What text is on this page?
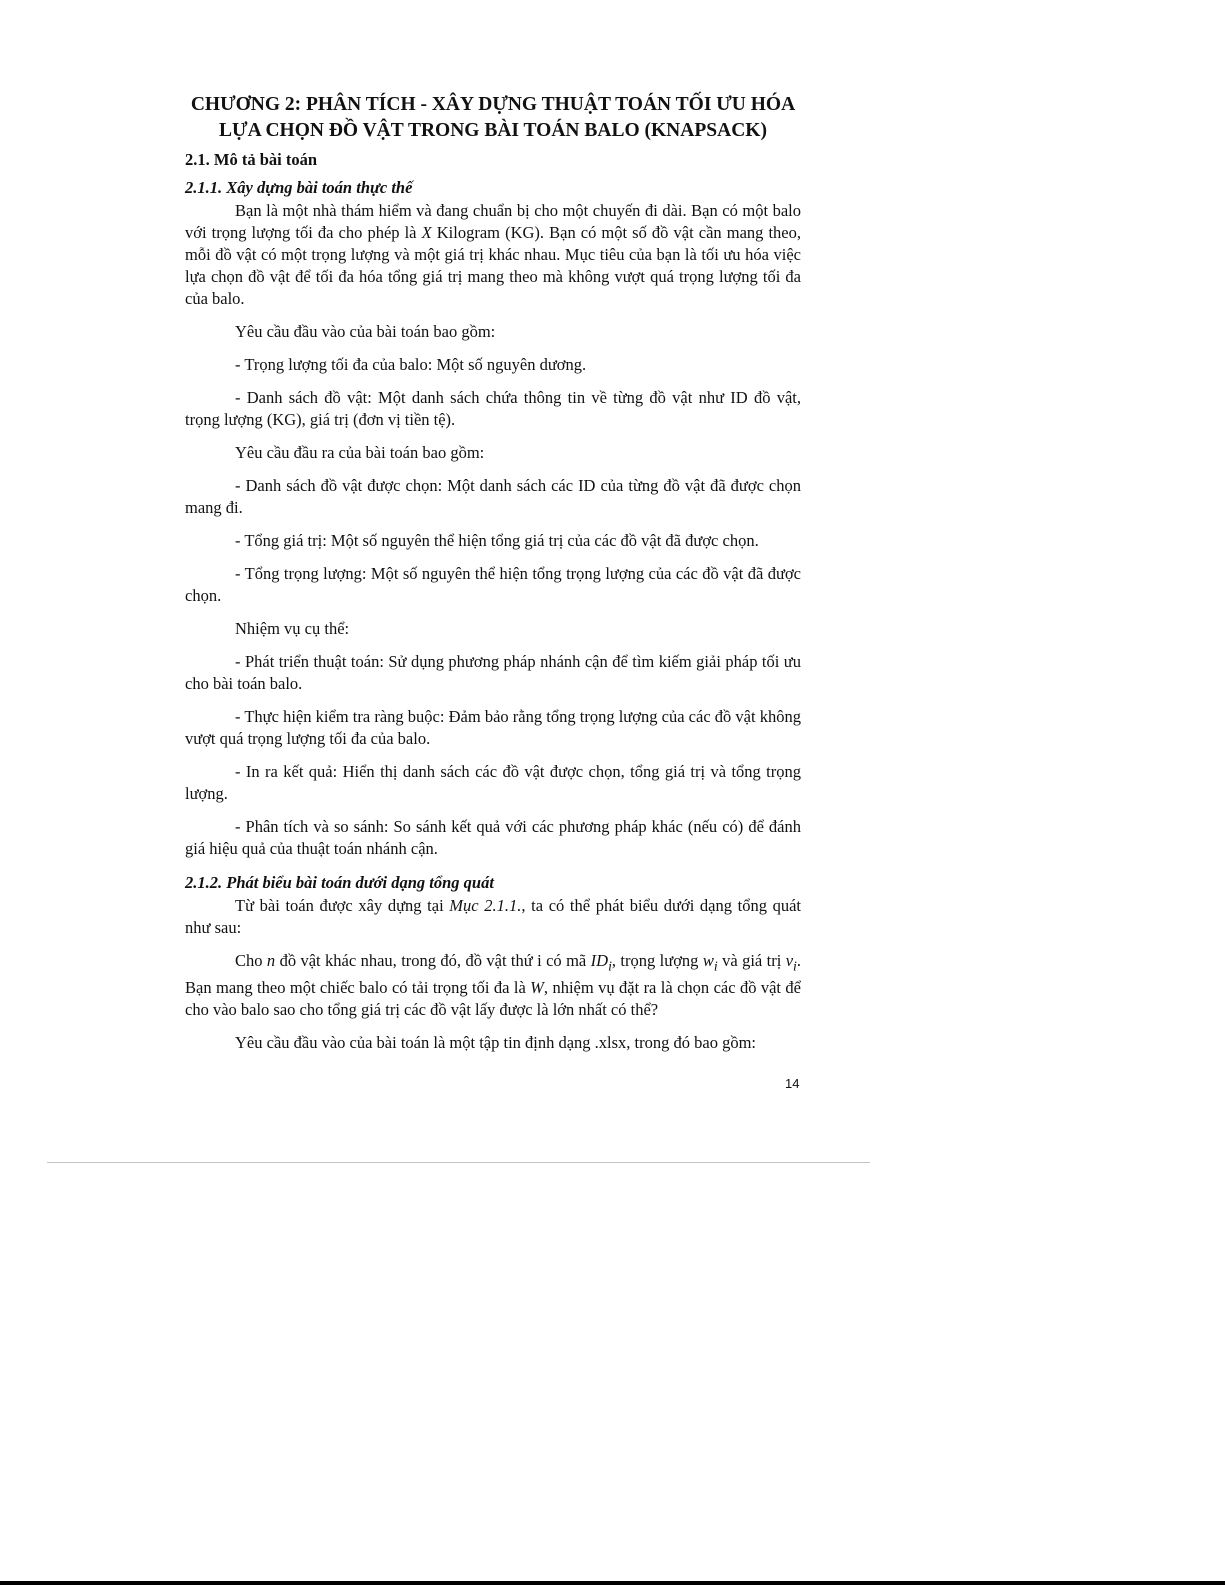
CHƯƠNG 2: PHÂN TÍCH - XÂY DỰNG THUẬT TOÁN TỐI ƯU HÓA
LỰA CHỌN ĐỒ VẬT TRONG BÀI TOÁN BALO (KNAPSACK)
2.1. Mô tả bài toán
2.1.1. Xây dựng bài toán thực thế

Bạn là một nhà thám hiểm và đang chuẩn bị cho một chuyến đi dài. Bạn có một balo với trọng lượng tối đa cho phép là X Kilogram (KG). Bạn có một số đồ vật cần mang theo, mỗi đồ vật có một trọng lượng và một giá trị khác nhau. Mục tiêu của bạn là tối ưu hóa việc lựa chọn đồ vật để tối đa hóa tổng giá trị mang theo mà không vượt quá trọng lượng tối đa của balo.

Yêu cầu đầu vào của bài toán bao gồm:

- Trọng lượng tối đa của balo: Một số nguyên dương.

- Danh sách đồ vật: Một danh sách chứa thông tin về từng đồ vật như ID đồ vật, trọng lượng (KG), giá trị (đơn vị tiền tệ).

Yêu cầu đầu ra của bài toán bao gồm:

- Danh sách đồ vật được chọn: Một danh sách các ID của từng đồ vật đã được chọn mang đi.

- Tổng giá trị: Một số nguyên thể hiện tổng giá trị của các đồ vật đã được chọn.

- Tổng trọng lượng: Một số nguyên thể hiện tổng trọng lượng của các đồ vật đã được chọn.

Nhiệm vụ cụ thể:

- Phát triển thuật toán: Sử dụng phương pháp nhánh cận để tìm kiếm giải pháp tối ưu cho bài toán balo.

- Thực hiện kiểm tra ràng buộc: Đảm bảo rằng tổng trọng lượng của các đồ vật không vượt quá trọng lượng tối đa của balo.

- In ra kết quả: Hiển thị danh sách các đồ vật được chọn, tổng giá trị và tổng trọng lượng.

- Phân tích và so sánh: So sánh kết quả với các phương pháp khác (nếu có) để đánh giá hiệu quả của thuật toán nhánh cận.

2.1.2. Phát biểu bài toán dưới dạng tổng quát

Từ bài toán được xây dựng tại Mục 2.1.1., ta có thể phát biểu dưới dạng tổng quát như sau:

Cho n đồ vật khác nhau, trong đó, đồ vật thứ i có mã $ID_i$, trọng lượng $w_i$ và giá trị $v_i$. Bạn mang theo một chiếc balo có tải trọng tối đa là W, nhiệm vụ đặt ra là chọn các đồ vật để cho vào balo sao cho tổng giá trị các đồ vật lấy được là lớn nhất có thể?

Yêu cầu đầu vào của bài toán là một tập tin định dạng .xlsx, trong đó bao gồm:

14
